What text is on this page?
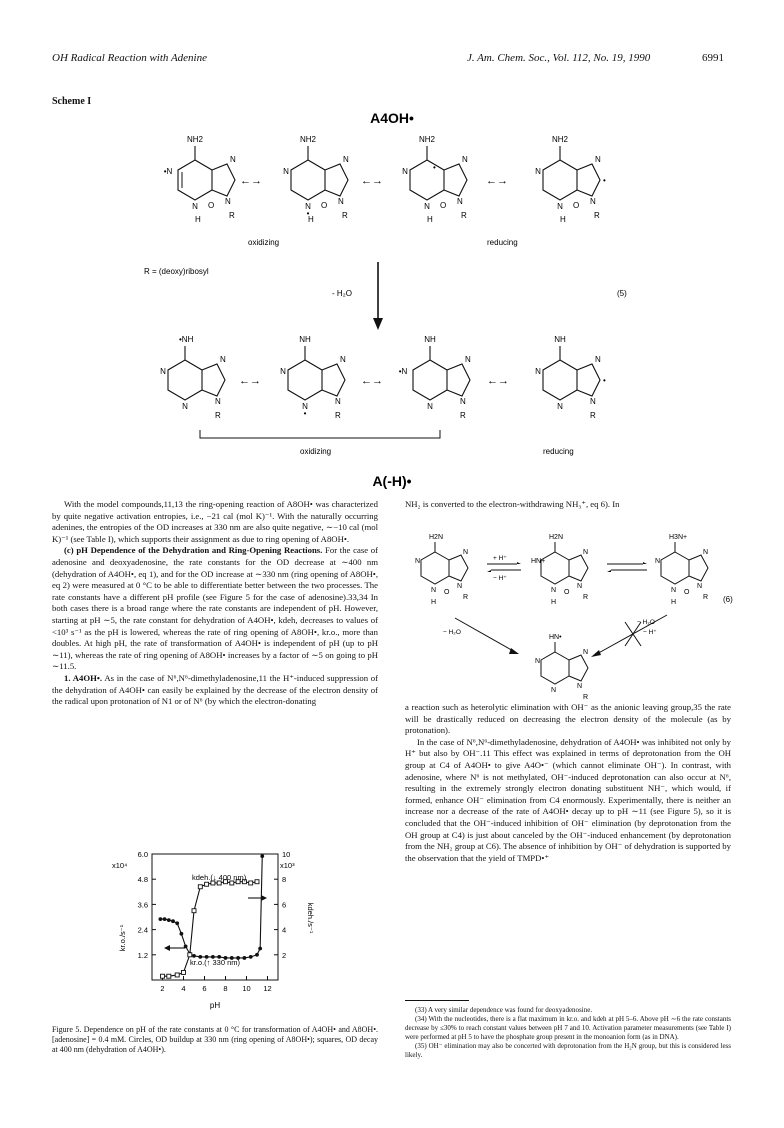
OH Radical Reaction with Adenine	J. Am. Chem. Soc., Vol. 112, No. 19, 1990	6991
Scheme I
A4OH•
NH2
•N
N
N
N
R
O
H
←→
NH2
N
N
•
N
N
R
O
H
←→
NH2
N
N
•
N
N
R
O
H
←→
NH2
N
N
N
•
N
R
O
H
oxidizing	reducing
R = (deoxy)ribosyl
- H₂O	(5)
•NH
N
N
N
N
R
←→
NH
N
N
•
N
N
R
←→
NH
•N
N
N
N
R
←→
NH
N
N
N
•
N
R
oxidizing	reducing
A(-H)•

With the model compounds,11,13 the ring-opening reaction of A8OH• was characterized by quite negative activation entropies, i.e., −21 cal (mol K)⁻¹. With the naturally occurring adenines, the entropies of the OD increases at 330 nm are also quite negative, ∼−10 cal (mol K)⁻¹ (see Table I), which supports their assignment as due to ring opening of A8OH•.

(c) pH Dependence of the Dehydration and Ring-Opening Reactions. For the case of adenosine and deoxyadenosine, the rate constants for the OD decrease at ∼400 nm (dehydration of A4OH•, eq 1), and for the OD increase at ∼330 nm (ring opening of A8OH•, eq 2) were measured at 0 °C to be able to differentiate better between the two processes. The rate constants have a different pH profile (see Figure 5 for the case of adenosine).33,34 In both cases there is a broad range where the rate constants are independent of pH. However, starting at pH ∼5, the rate constant for dehydration of A4OH•, kdeh, decreases to values of <10³ s⁻¹ as the pH is lowered, whereas the rate of ring opening of A8OH•, kr.o., more than doubles. At high pH, the rate of transformation of A4OH• is independent of pH (up to pH ∼11), whereas the rate of ring opening of A8OH• increases by a factor of ∼5 on going to pH ∼11.5.

1. A4OH•. As in the case of N⁶,N⁶-dimethyladenosine,11 the H⁺-induced suppression of the dehydration of A4OH• can easily be explained by the decrease of the electron density of the radical upon protonation of N1 or of N⁶ (by which the electron-donating

2 4 6 8 10 12
1.2
2.4
3.6
4.8
6.0
2
4
6
8
10
x10⁴	x10³
kr.o./s⁻¹
kdeh./s⁻¹
pH
kdeh.(↓ 400 nm)
kr.o.(↑ 330 nm)
Figure 5. Dependence on pH of the rate constants at 0 °C for transformation of A4OH• and A8OH•. [adenosine] = 0.4 mM. Circles, OD buildup at 330 nm (ring opening of A8OH•); squares, OD decay at 400 nm (dehydration of A4OH•).

NH₂ is converted to the electron-withdrawing NH₃⁺, eq 6). In

H2N
N
N
N
N
R
O
H
+ H⁺
− H⁺
H2N
HN+
N
N
N
R
O
H
H3N+
N
N
N
N
R
O
H	(6)
− H₂O
− H₂O
− H⁺
HN•
N
N
N
N
R

a reaction such as heterolytic elimination with OH⁻ as the anionic leaving group,35 the rate will be drastically reduced on decreasing the electron density of the molecule (as by protonation).

In the case of N⁶,N⁶-dimethyladenosine, dehydration of A4OH• was inhibited not only by H⁺ but also by OH⁻.11 This effect was explained in terms of deprotonation from the OH group at C4 of A4OH• to give A4O•⁻ (which cannot eliminate OH⁻). In contrast, with adenosine, where N⁶ is not methylated, OH⁻-induced deprotonation can also occur at N⁶, resulting in the extremely strongly electron donating substituent NH⁻, which would, if formed, enhance OH⁻ elimination from C4 enormously. Experimentally, there is neither an increase nor a decrease of the rate of A4OH• decay up to pH ∼11 (see Figure 5), so it is concluded that the OH⁻-induced inhibition of OH⁻ elimination (by deprotonation from the OH group at C4) is just about canceled by the OH⁻-induced enhancement (by deprotonation from the NH₂ group at C6). The absence of inhibition by OH⁻ of dehydration is supported by the observation that the yield of TMPD•⁺

(33) A very similar dependence was found for deoxyadenosine.

(34) With the nucleotides, there is a flat maximum in kr.o. and kdeh at pH 5–6. Above pH ∼6 the rate constants decrease by ≤30% to reach constant values between pH 7 and 10. Activation parameter measurements (see Table I) were performed at pH 5 to have the phosphate group present in the monoanion form (as in DNA).

(35) OH⁻ elimination may also be concerted with deprotonation from the H₂N group, but this is considered less likely.
